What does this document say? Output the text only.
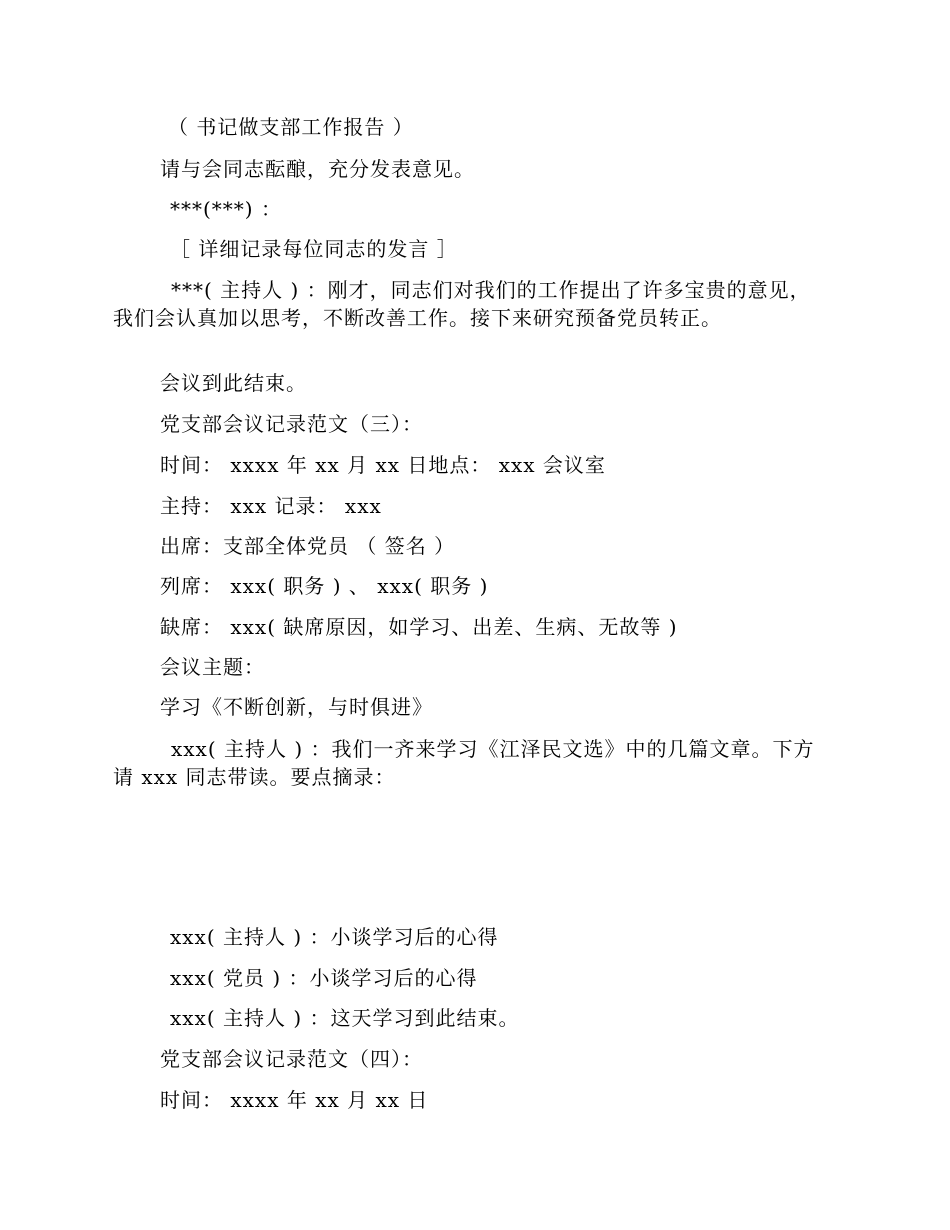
（ 书记做支部工作报告 ）
请与会同志酝酿，充分发表意见。
***(***) ：
［ 详细记录每位同志的发言 ］
***( 主持人 ) ：刚才，同志们对我们的工作提出了许多宝贵的意见，我们会认真加以思考，不断改善工作。接下来研究预备党员转正。
会议到此结束。
党支部会议记录范文（三）：
时间： xxxx 年 xx 月 xx 日地点： xxx 会议室
主持： xxx 记录： xxx
出席：支部全体党员 （ 签名 ）
列席： xxx( 职务 ) 、 xxx( 职务 )
缺席： xxx( 缺席原因，如学习、出差、生病、无故等 )
会议主题：
学习《不断创新，与时俱进》
xxx( 主持人 ) ：我们一齐来学习《江泽民文选》中的几篇文章。下方请 xxx 同志带读。要点摘录：
xxx( 主持人 ) ：小谈学习后的心得
xxx( 党员 ) ：小谈学习后的心得
xxx( 主持人 ) ：这天学习到此结束。
党支部会议记录范文（四）：
时间： xxxx 年 xx 月 xx 日
